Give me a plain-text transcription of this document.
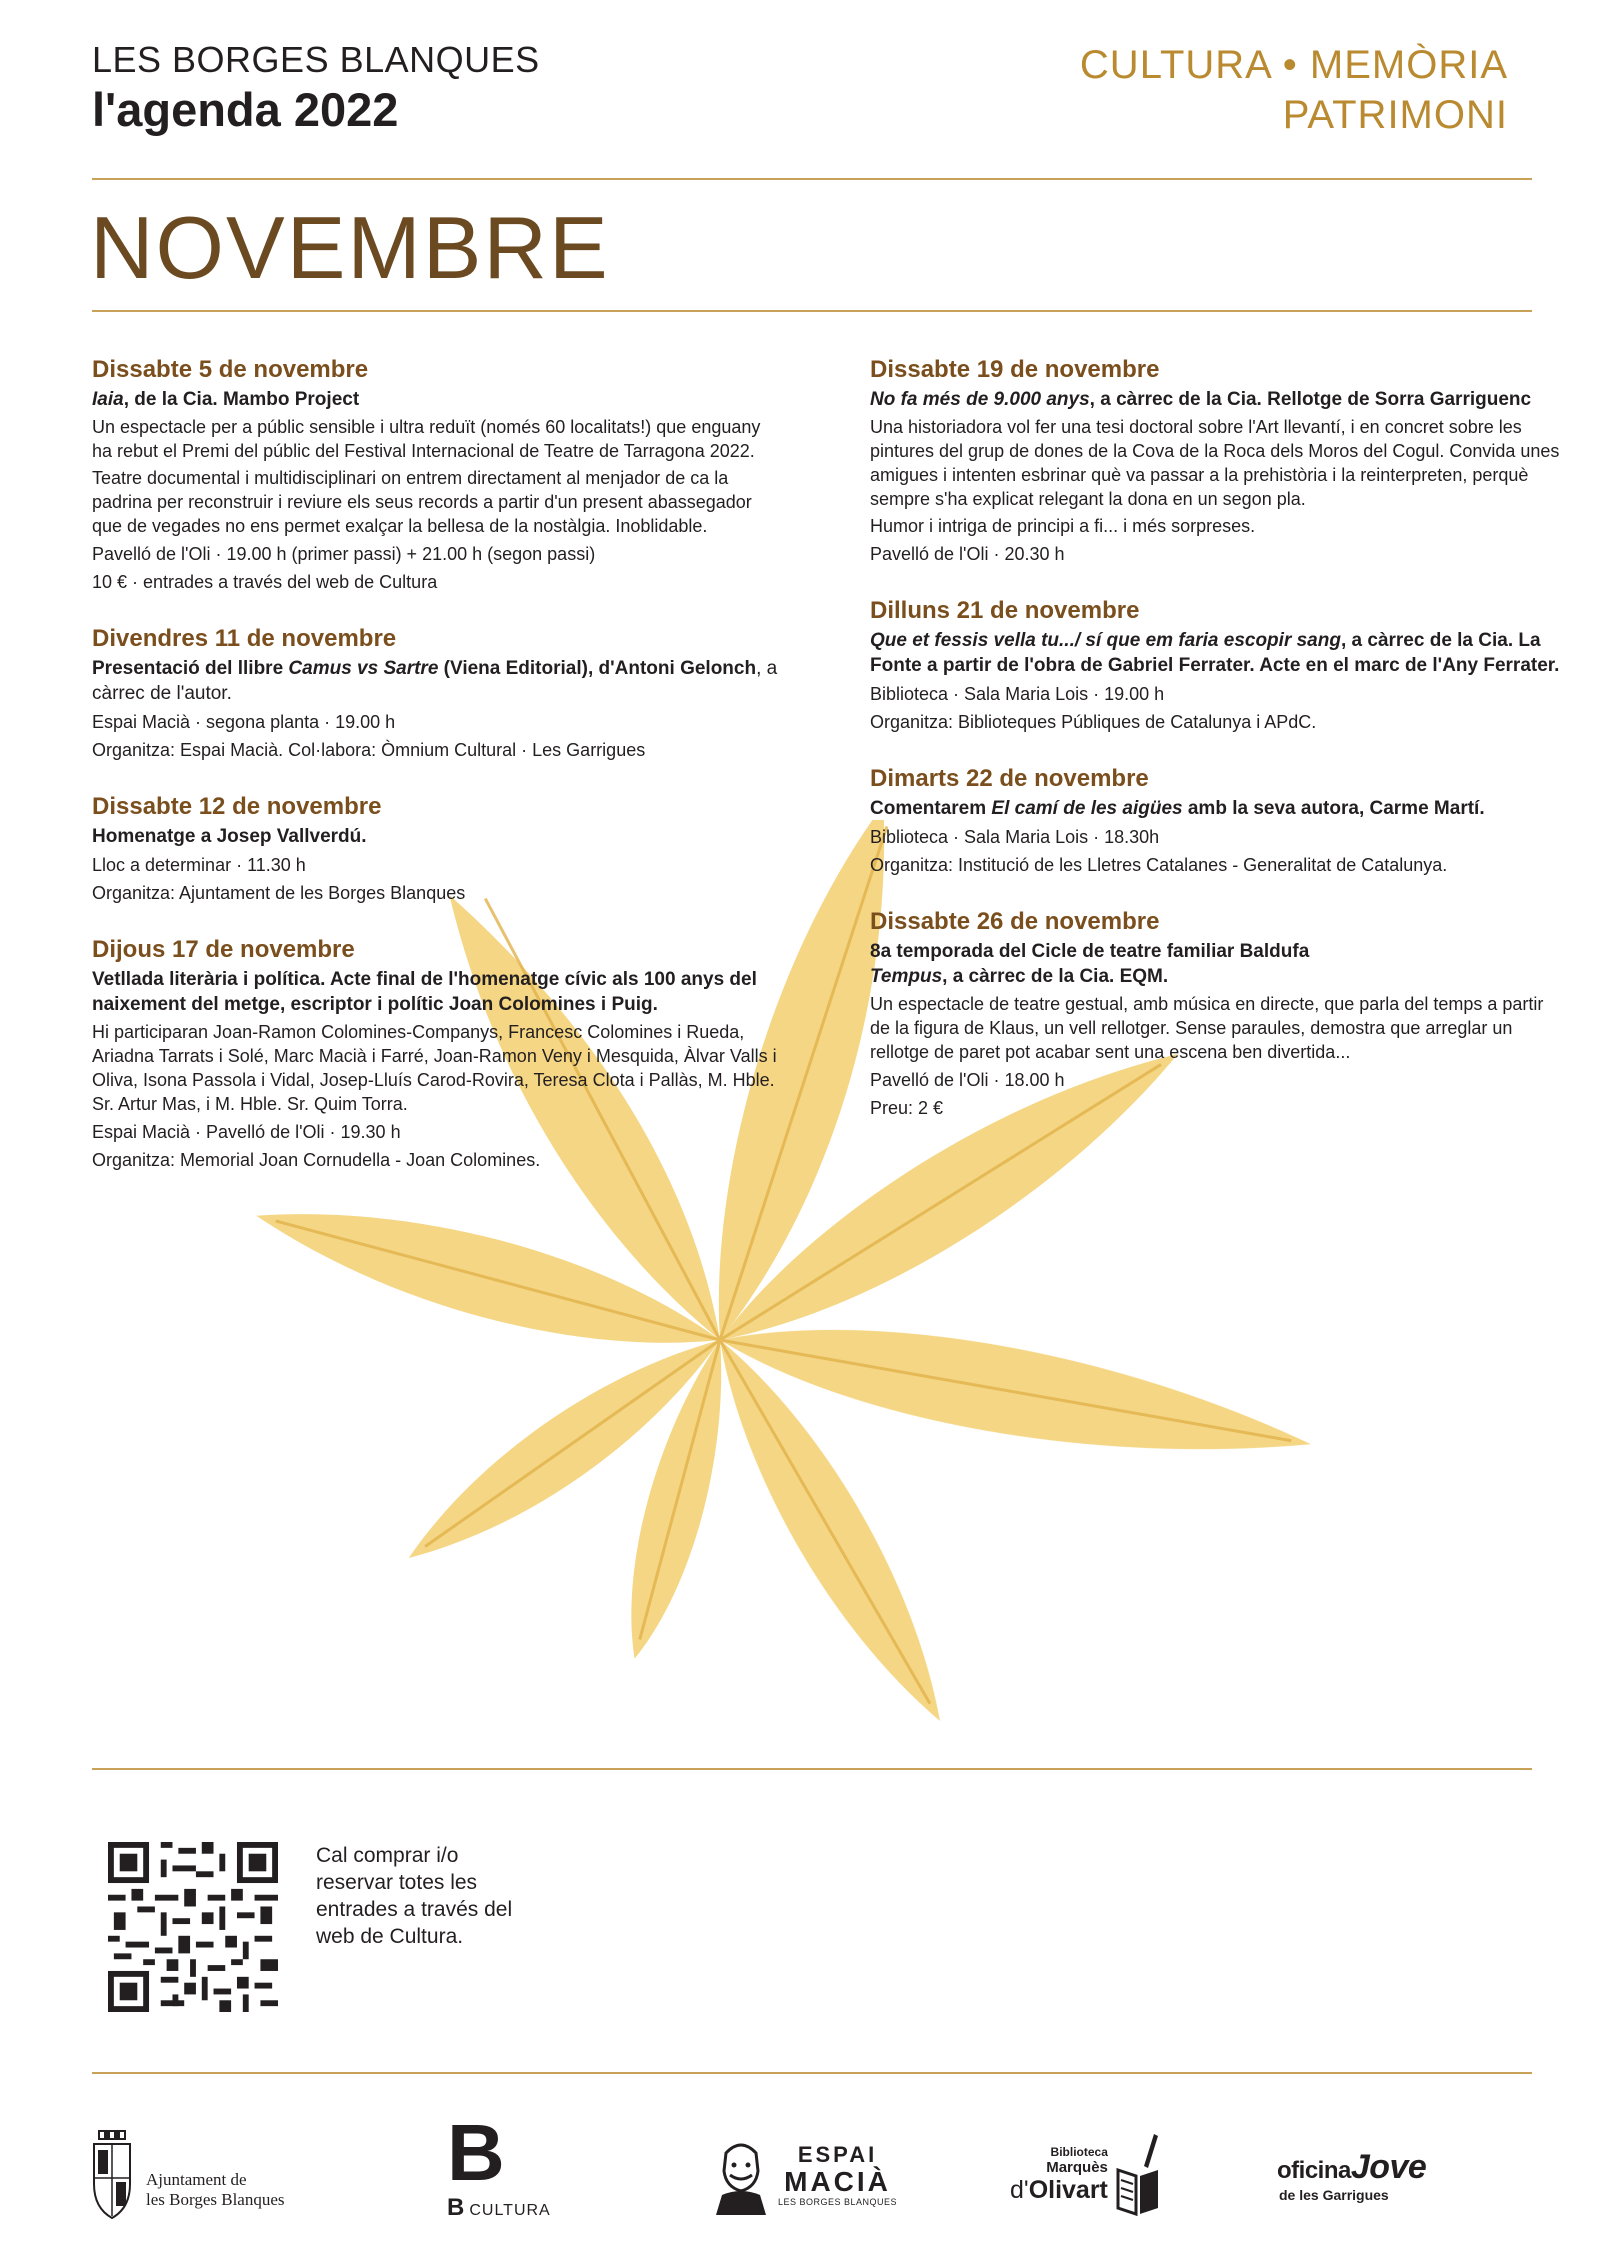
LES BORGES BLANQUES
l'agenda 2022
CULTURA • MEMÒRIA
PATRIMONI
NOVEMBRE
Dissabte 5 de novembre
Iaia, de la Cia. Mambo Project
Un espectacle per a públic sensible i ultra reduït (només 60 localitats!) que enguany ha rebut el Premi del públic del Festival Internacional de Teatre de Tarragona 2022.
Teatre documental i multidisciplinari on entrem directament al menjador de ca la padrina per reconstruir i reviure els seus records a partir d'un present abassegador que de vegades no ens permet exalçar la bellesa de la nostàlgia. Inoblidable.
Pavelló de l'Oli · 19.00 h (primer passi) + 21.00 h (segon passi)
10 € · entrades a través del web de Cultura
Divendres 11 de novembre
Presentació del llibre Camus vs Sartre (Viena Editorial), d'Antoni Gelonch, a càrrec de l'autor.
Espai Macià · segona planta · 19.00 h
Organitza: Espai Macià. Col·labora: Òmnium Cultural · Les Garrigues
Dissabte 12 de novembre
Homenatge a Josep Vallverdú.
Lloc a determinar · 11.30 h
Organitza: Ajuntament de les Borges Blanques
Dijous 17 de novembre
Vetllada literària i política. Acte final de l'homenatge cívic als 100 anys del naixement del metge, escriptor i polític Joan Colomines i Puig.
Hi participaran Joan-Ramon Colomines-Companys, Francesc Colomines i Rueda, Ariadna Tarrats i Solé, Marc Macià i Farré, Joan-Ramon Veny i Mesquida, Àlvar Valls i Oliva, Isona Passola i Vidal, Josep-Lluís Carod-Rovira, Teresa Clota i Pallàs, M. Hble. Sr. Artur Mas, i M. Hble. Sr. Quim Torra.
Espai Macià · Pavelló de l'Oli · 19.30 h
Organitza: Memorial Joan Cornudella - Joan Colomines.
Dissabte 19 de novembre
No fa més de 9.000 anys, a càrrec de la Cia. Rellotge de Sorra Garriguenc
Una historiadora vol fer una tesi doctoral sobre l'Art llevantí, i en concret sobre les pintures del grup de dones de la Cova de la Roca dels Moros del Cogul. Convida unes amigues i intenten esbrinar què va passar a la prehistòria i la reinterpreten, perquè sempre s'ha explicat relegant la dona en un segon pla.
Humor i intriga de principi a fi... i més sorpreses.
Pavelló de l'Oli · 20.30 h
Dilluns 21 de novembre
Que et fessis vella tu.../ sí que em faria escopir sang, a càrrec de la Cia. La Fonte a partir de l'obra de Gabriel Ferrater. Acte en el marc de l'Any Ferrater.
Biblioteca · Sala Maria Lois · 19.00 h
Organitza: Biblioteques Públiques de Catalunya i APdC.
Dimarts 22 de novembre
Comentarem El camí de les aigües amb la seva autora, Carme Martí.
Biblioteca · Sala Maria Lois · 18.30h
Organitza: Institució de les Lletres Catalanes - Generalitat de Catalunya.
Dissabte 26 de novembre
8a temporada del Cicle de teatre familiar Baldufa
Tempus, a càrrec de la Cia. EQM.
Un espectacle de teatre gestual, amb música en directe, que parla del temps a partir de la figura de Klaus, un vell rellotger. Sense paraules, demostra que arreglar un rellotge de paret pot acabar sent una escena ben divertida...
Pavelló de l'Oli · 18.00 h
Preu: 2 €
Cal comprar i/o reservar totes les entrades a través del web de Cultura.
Ajuntament de
les Borges Blanques
B
BCULTURA
ESPAI
MACIÀ
LES BORGES BLANQUES
Biblioteca
Marquès
d'Olivart
oficinaJove
de les Garrigues
